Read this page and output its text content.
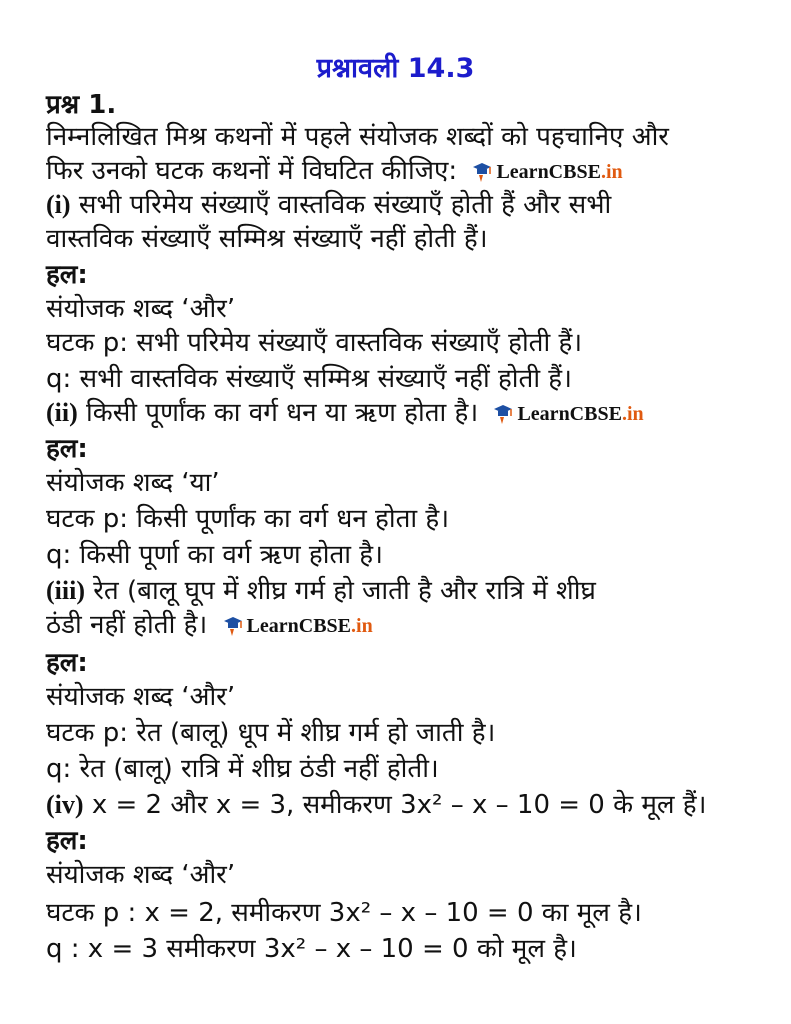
प्रश्नावली 14.3
प्रश्न 1.
निम्नलिखित मिश्र कथनों में पहले संयोजक शब्दों को पहचानिए और
फिर उनको घटक कथनों में विघटित कीजिए: LearnCBSE .in
(i) सभी परिमेय संख्याएँ वास्तविक संख्याएँ होती हैं और सभी
वास्तविक संख्याएँ सम्मिश्र संख्याएँ नहीं होती हैं।
हल:
संयोजक शब्द ‘और’
घटक p: सभी परिमेय संख्याएँ वास्तविक संख्याएँ होती हैं।
q: सभी वास्तविक संख्याएँ सम्मिश्र संख्याएँ नहीं होती हैं।
(ii) किसी पूर्णांक का वर्ग धन या ऋण होता है। LearnCBSE .in
हल:
संयोजक शब्द ‘या’
घटक p: किसी पूर्णांक का वर्ग धन होता है।
q: किसी पूर्णा का वर्ग ऋण होता है।
(iii) रेत (बालू घूप में शीघ्र गर्म हो जाती है और रात्रि में शीघ्र
ठंडी नहीं होती है। LearnCBSE .in
हल:
संयोजक शब्द ‘और’
घटक p: रेत (बालू) धूप में शीघ्र गर्म हो जाती है।
q: रेत (बालू) रात्रि में शीघ्र ठंडी नहीं होती।
(iv) x = 2 और x = 3, समीकरण 3x² – x – 10 = 0 के मूल हैं।
हल:
संयोजक शब्द ‘और’
घटक p : x = 2, समीकरण 3x² – x – 10 = 0 का मूल है।
q : x = 3 समीकरण 3x² – x – 10 = 0 को मूल है।
